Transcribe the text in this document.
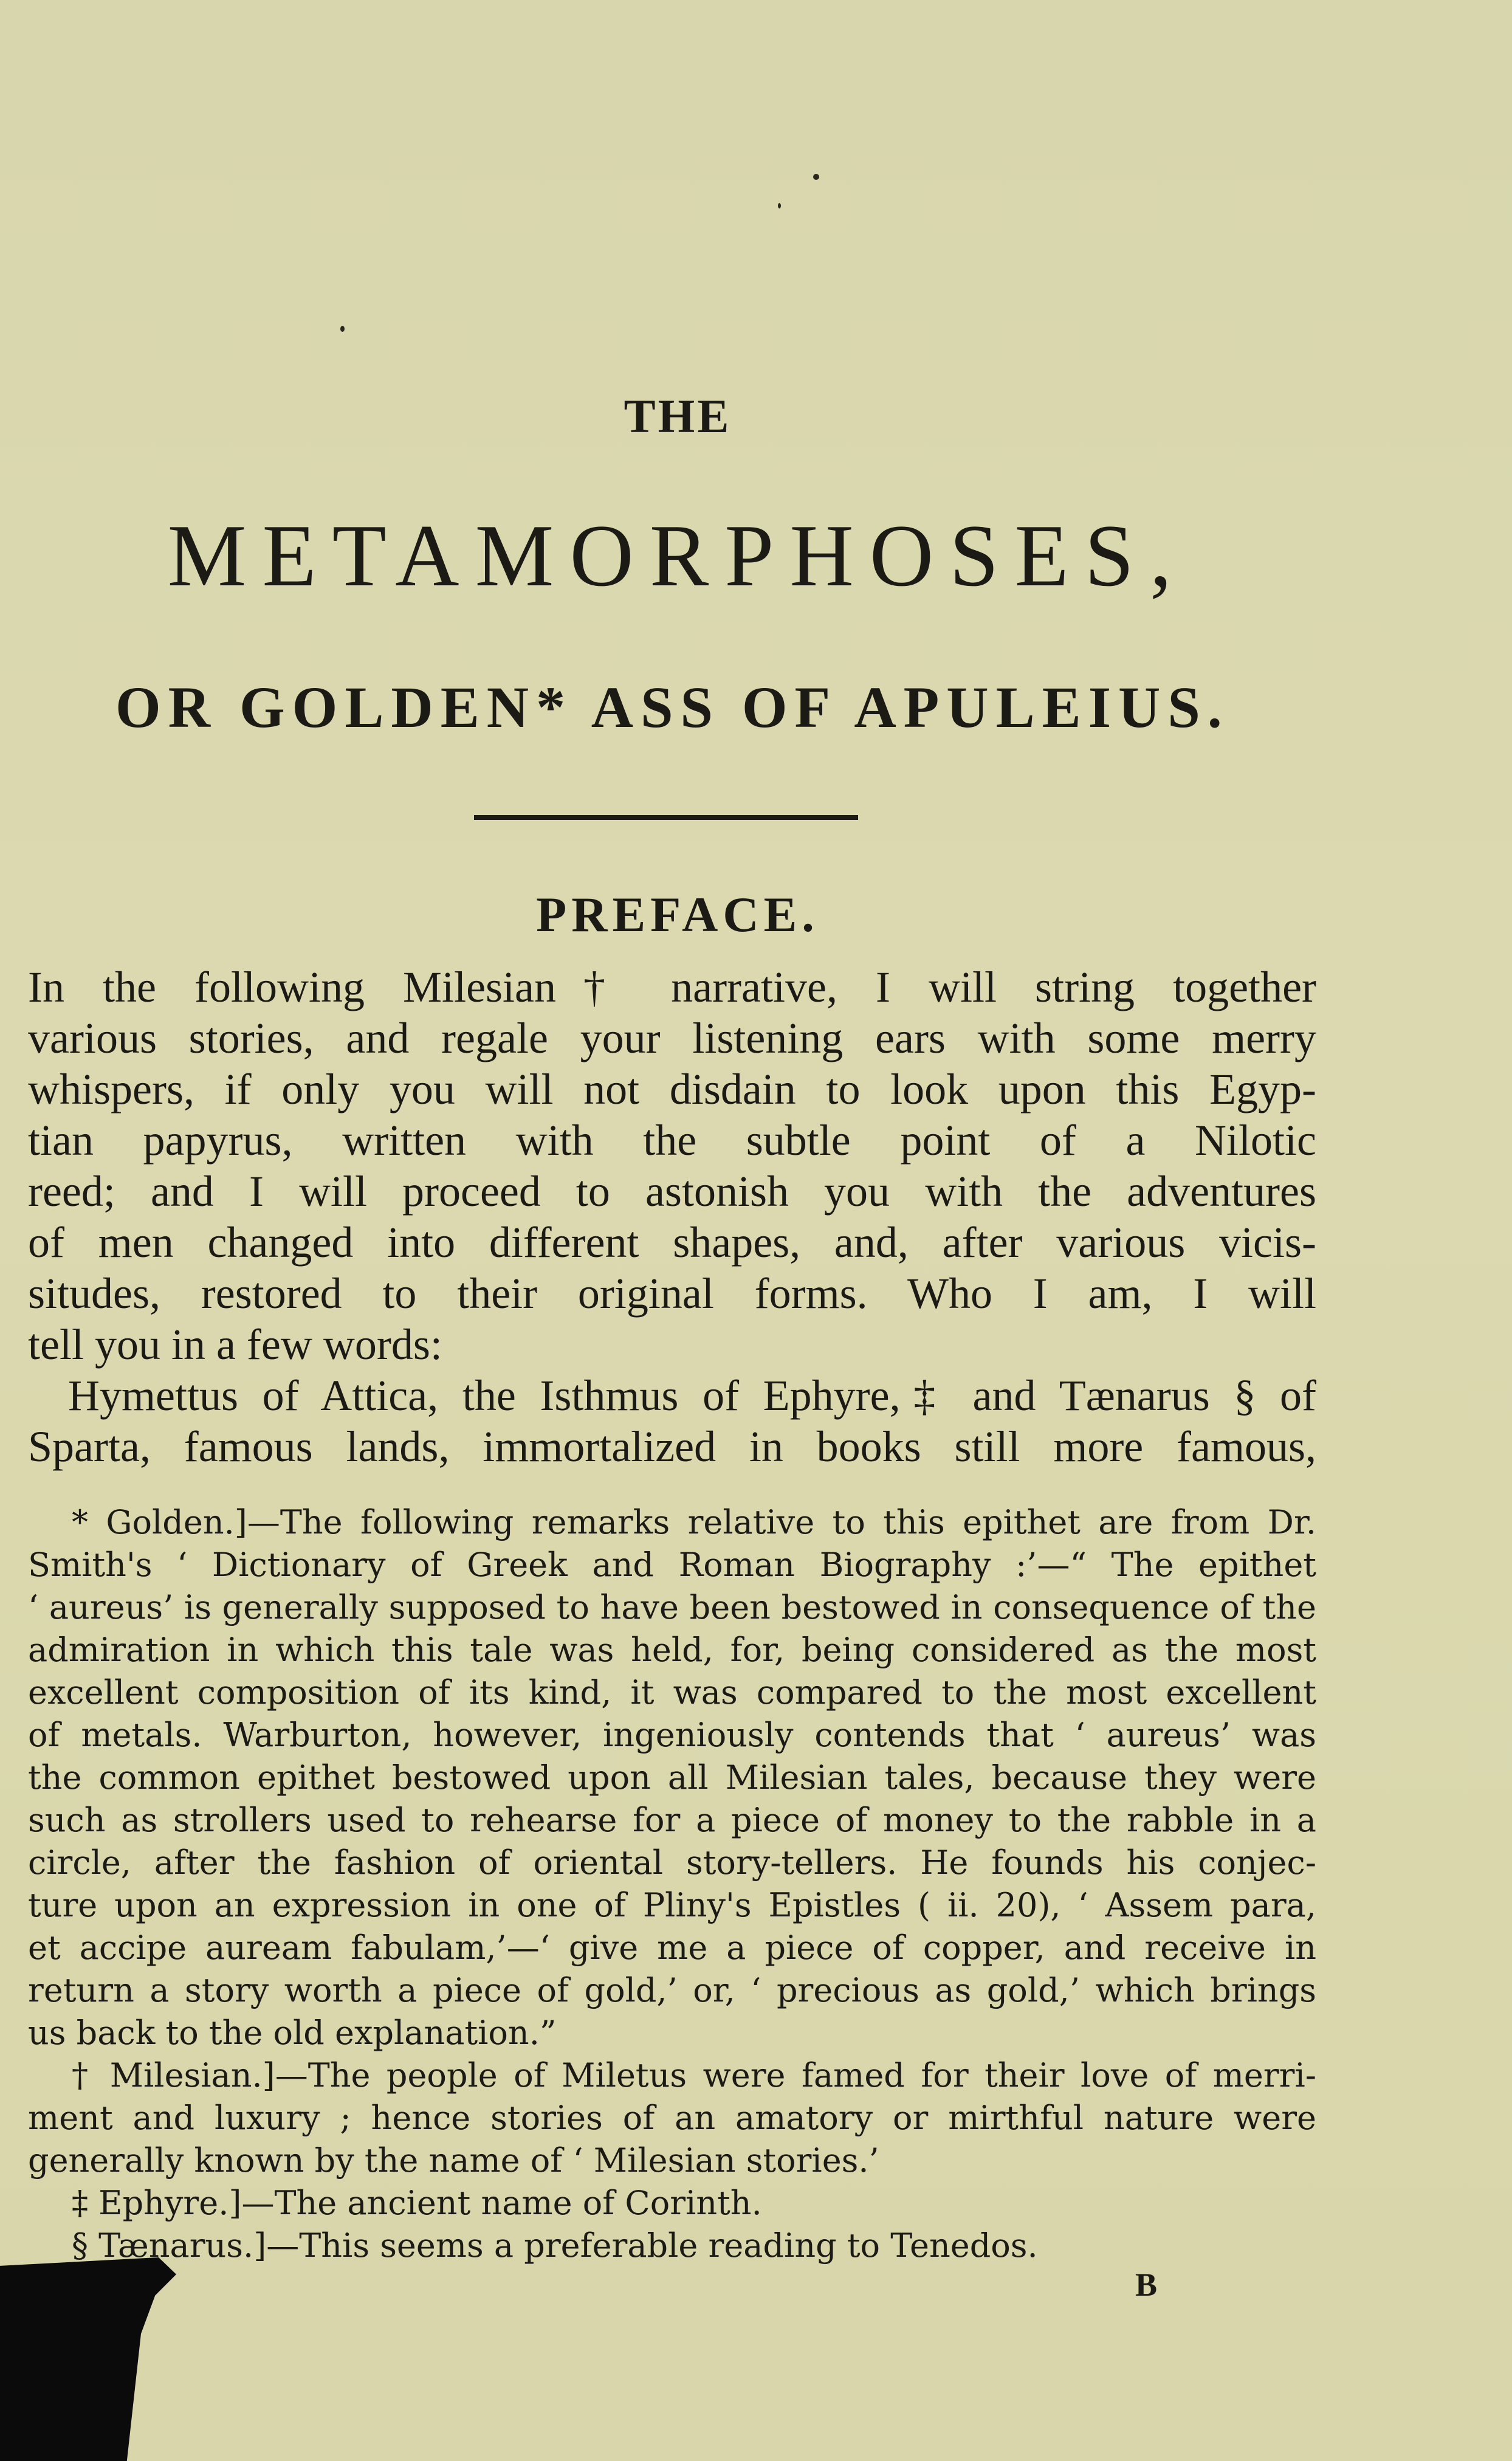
THE
METAMORPHOSES,
OR GOLDEN* ASS OF APULEIUS.
PREFACE.
In the following Milesian† narrative, I will string together
various stories, and regale your listening ears with some merry
whispers, if only you will not disdain to look upon this Egyp-
tian papyrus, written with the subtle point of a Nilotic
reed; and I will proceed to astonish you with the adventures
of men changed into different shapes, and, after various vicis-
situdes, restored to their original forms. Who I am, I will
tell you in a few words:
Hymettus of Attica, the Isthmus of Ephyre,‡ and Tænarus § of
Sparta, famous lands, immortalized in books still more famous,
* Golden.]—The following remarks relative to this epithet are from Dr.
Smith's ‘ Dictionary of Greek and Roman Biography :’—“ The epithet
‘ aureus’ is generally supposed to have been bestowed in consequence of the
admiration in which this tale was held, for, being considered as the most
excellent composition of its kind, it was compared to the most excellent
of metals. Warburton, however, ingeniously contends that ‘ aureus’ was
the common epithet bestowed upon all Milesian tales, because they were
such as strollers used to rehearse for a piece of money to the rabble in a
circle, after the fashion of oriental story-tellers. He founds his conjec-
ture upon an expression in one of Pliny's Epistles ( ii. 20), ‘ Assem para,
et accipe auream fabulam,’—‘ give me a piece of copper, and receive in
return a story worth a piece of gold,’ or, ‘ precious as gold,’ which brings
us back to the old explanation.”
† Milesian.]—The people of Miletus were famed for their love of merri-
ment and luxury ; hence stories of an amatory or mirthful nature were
generally known by the name of ‘ Milesian stories.’
‡ Ephyre.]—The ancient name of Corinth.
§ Tænarus.]—This seems a preferable reading to Tenedos.
B
